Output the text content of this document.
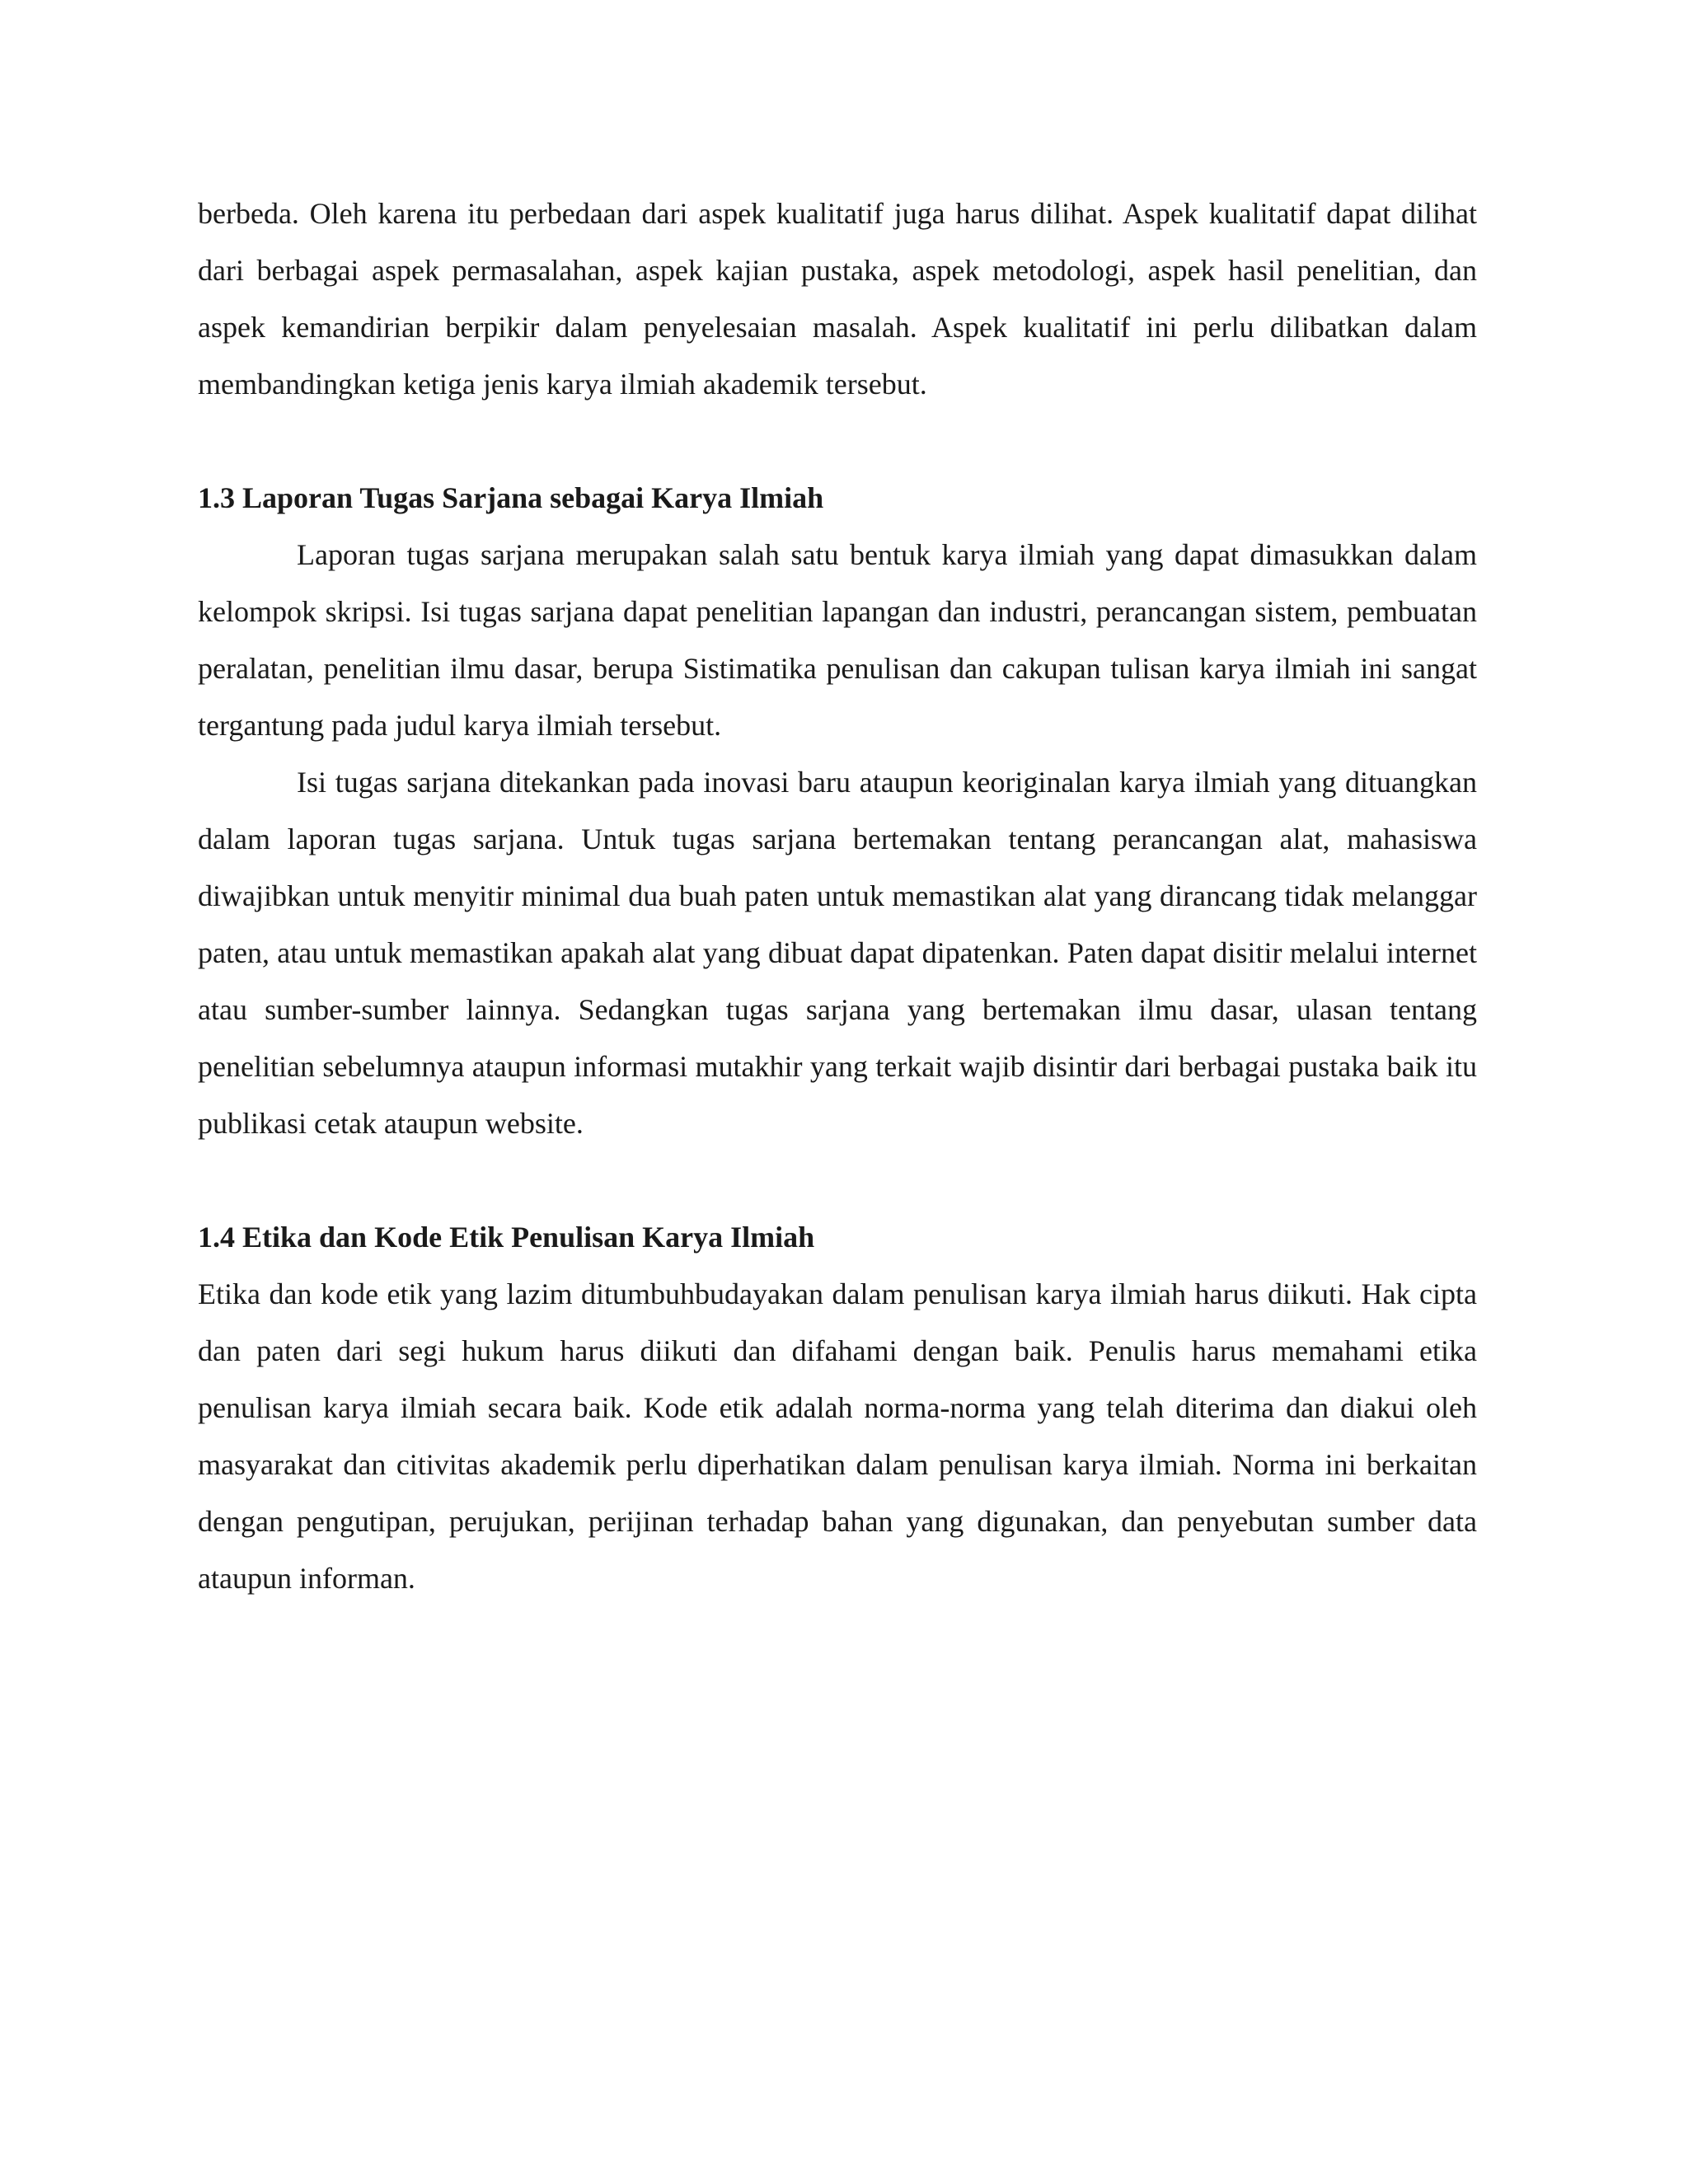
berbeda. Oleh karena itu perbedaan dari aspek kualitatif juga harus dilihat. Aspek kualitatif dapat dilihat dari berbagai aspek permasalahan, aspek kajian pustaka, aspek metodologi, aspek hasil penelitian, dan aspek kemandirian berpikir dalam penyelesaian masalah. Aspek kualitatif ini perlu dilibatkan dalam membandingkan ketiga jenis karya ilmiah akademik tersebut.

1.3 Laporan Tugas Sarjana sebagai Karya Ilmiah

Laporan tugas sarjana merupakan salah satu bentuk karya ilmiah yang dapat dimasukkan dalam kelompok skripsi. Isi tugas sarjana dapat penelitian lapangan dan industri, perancangan sistem, pembuatan peralatan, penelitian ilmu dasar, berupa Sistimatika penulisan dan cakupan tulisan karya ilmiah ini sangat tergantung pada judul karya ilmiah tersebut.

Isi tugas sarjana ditekankan pada inovasi baru ataupun keoriginalan karya ilmiah yang dituangkan dalam laporan tugas sarjana. Untuk tugas sarjana bertemakan tentang perancangan alat, mahasiswa diwajibkan untuk menyitir minimal dua buah paten untuk memastikan alat yang dirancang tidak melanggar paten, atau untuk memastikan apakah alat yang dibuat dapat dipatenkan. Paten dapat disitir melalui internet atau sumber-sumber lainnya. Sedangkan tugas sarjana yang bertemakan ilmu dasar, ulasan tentang penelitian sebelumnya ataupun informasi mutakhir yang terkait wajib disintir dari berbagai pustaka baik itu publikasi cetak ataupun website.

1.4 Etika dan Kode Etik Penulisan Karya Ilmiah

Etika dan kode etik yang lazim ditumbuhbudayakan dalam penulisan karya ilmiah harus diikuti. Hak cipta dan paten dari segi hukum harus diikuti dan difahami dengan baik. Penulis harus memahami etika penulisan karya ilmiah secara baik. Kode etik adalah norma-norma yang telah diterima dan diakui oleh masyarakat dan citivitas akademik perlu diperhatikan dalam penulisan karya ilmiah. Norma ini berkaitan dengan pengutipan, perujukan, perijinan terhadap bahan yang digunakan, dan penyebutan sumber data ataupun informan.
